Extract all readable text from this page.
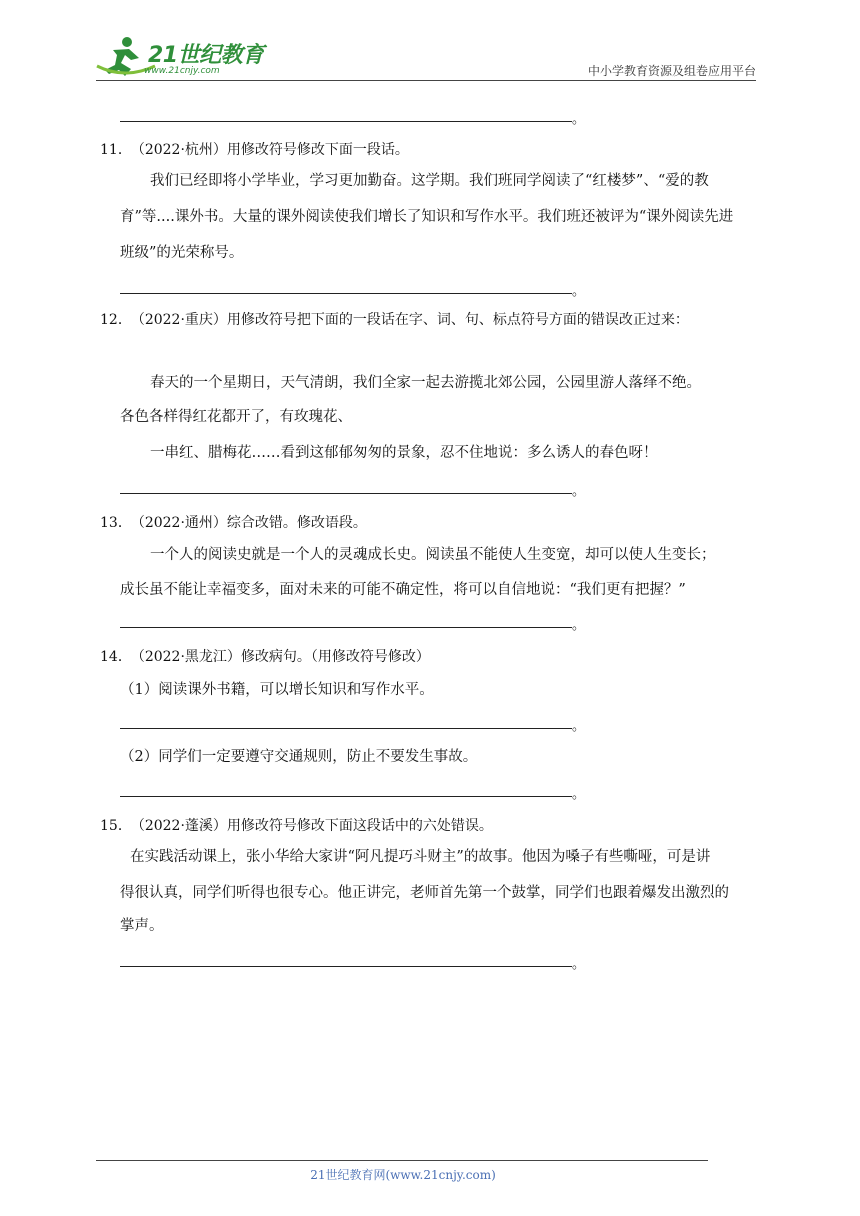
21世纪教育
www.21cnjy.com	中小学教育资源及组卷应用平台
。
11． （2022·杭州）用修改符号修改下面一段话。
我们已经即将小学毕业，学习更加勤奋。这学期。我们班同学阅读了“红楼梦”、“爱的教
育”等....课外书。大量的课外阅读使我们增长了知识和写作水平。我们班还被评为“课外阅读先进
班级”的光荣称号。
。
12． （2022·重庆）用修改符号把下面的一段话在字、词、句、标点符号方面的错误改正过来：
春天的一个星期日，天气清朗，我们全家一起去游揽北郊公园，公园里游人落绎不绝。
各色各样得红花都开了，有玫瑰花、
一串红、腊梅花……看到这郁郁匆匆的景象，忍不住地说：多么诱人的春色呀！
。
13． （2022·通州）综合改错。修改语段。
一个人的阅读史就是一个人的灵魂成长史。阅读虽不能使人生变宽，却可以使人生变长；
成长虽不能让幸福变多，面对未来的可能不确定性，将可以自信地说：“我们更有把握？”
。
14． （2022·黑龙江）修改病句。（用修改符号修改）
（1）阅读课外书籍，可以增长知识和写作水平。
。
（2）同学们一定要遵守交通规则，防止不要发生事故。
。
15． （2022·蓬溪）用修改符号修改下面这段话中的六处错误。
在实践活动课上，张小华给大家讲“阿凡提巧斗财主”的故事。他因为嗓子有些嘶哑，可是讲
得很认真，同学们听得也很专心。他正讲完，老师首先第一个鼓掌，同学们也跟着爆发出激烈的
掌声。
。
21世纪教育网(www.21cnjy.com)
